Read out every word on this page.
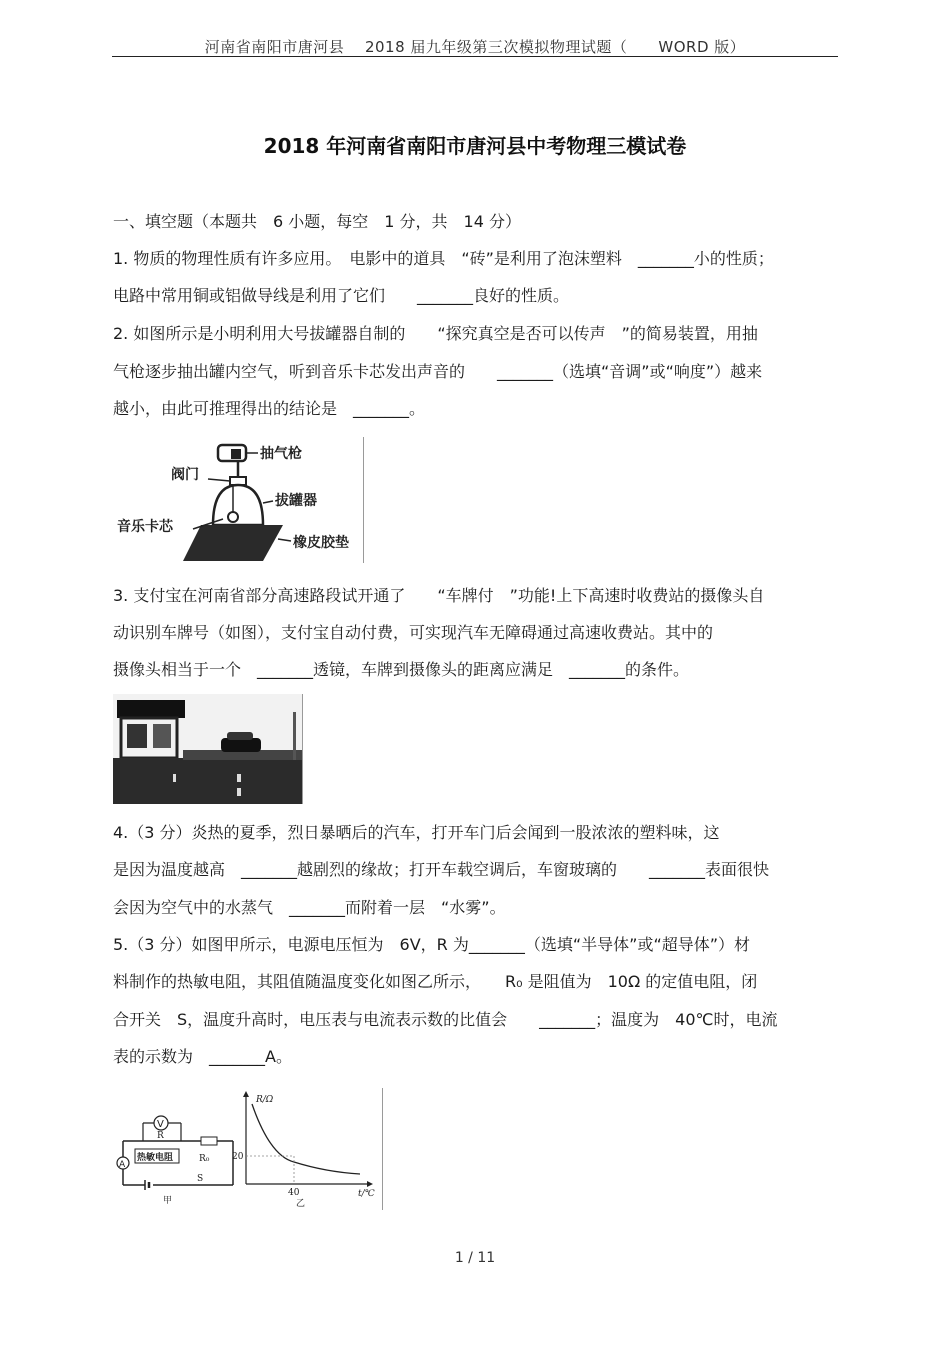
河南省南阳市唐河县　 2018 届九年级第三次模拟物理试题（　　WORD 版）
2018 年河南省南阳市唐河县中考物理三模试卷
一、填空题（本题共　6 小题，每空　1 分，共　14 分）
1. 物质的物理性质有许多应用。　电影中的道具　“砖”是利用了泡沫塑料　_______小的性质；
电路中常用铜或铝做导线是利用了它们　　_______良好的性质。
2. 如图所示是小明利用大号拔罐器自制的　　“探究真空是否可以传声　”的简易装置，用抽
气枪逐步抽出罐内空气，听到音乐卡芯发出声音的　　_______（选填“音调”或“响度”）越来
越小，由此可推理得出的结论是　_______。
抽气枪
阀门
拔罐器
音乐卡芯
橡皮胶垫
3. 支付宝在河南省部分高速路段试开通了　　“车牌付　”功能!上下高速时收费站的摄像头自
动识别车牌号（如图），支付宝自动付费，可实现汽车无障碍通过高速收费站。其中的
摄像头相当于一个　_______透镜，车牌到摄像头的距离应满足　_______的条件。
4.（3 分）炎热的夏季，烈日暴晒后的汽车，打开车门后会闻到一股浓浓的塑料味，这
是因为温度越高　_______越剧烈的缘故；打开车载空调后，车窗玻璃的　　_______表面很快
会因为空气中的水蒸气　_______而附着一层　“水雾”。
5.（3 分）如图甲所示，电源电压恒为　6V，R 为_______（选填“半导体”或“超导体”）材
料制作的热敏电阻，其阻值随温度变化如图乙所示，　　R₀ 是阻值为　10Ω 的定值电阻，闭
合开关　S，温度升高时，电压表与电流表示数的比值会　　_______；温度为　40℃时，电流
表的示数为　_______A。
V
R
A
热敏电阻	R₀
S
甲
R/Ω
20
40	t/℃
乙
1 / 11
